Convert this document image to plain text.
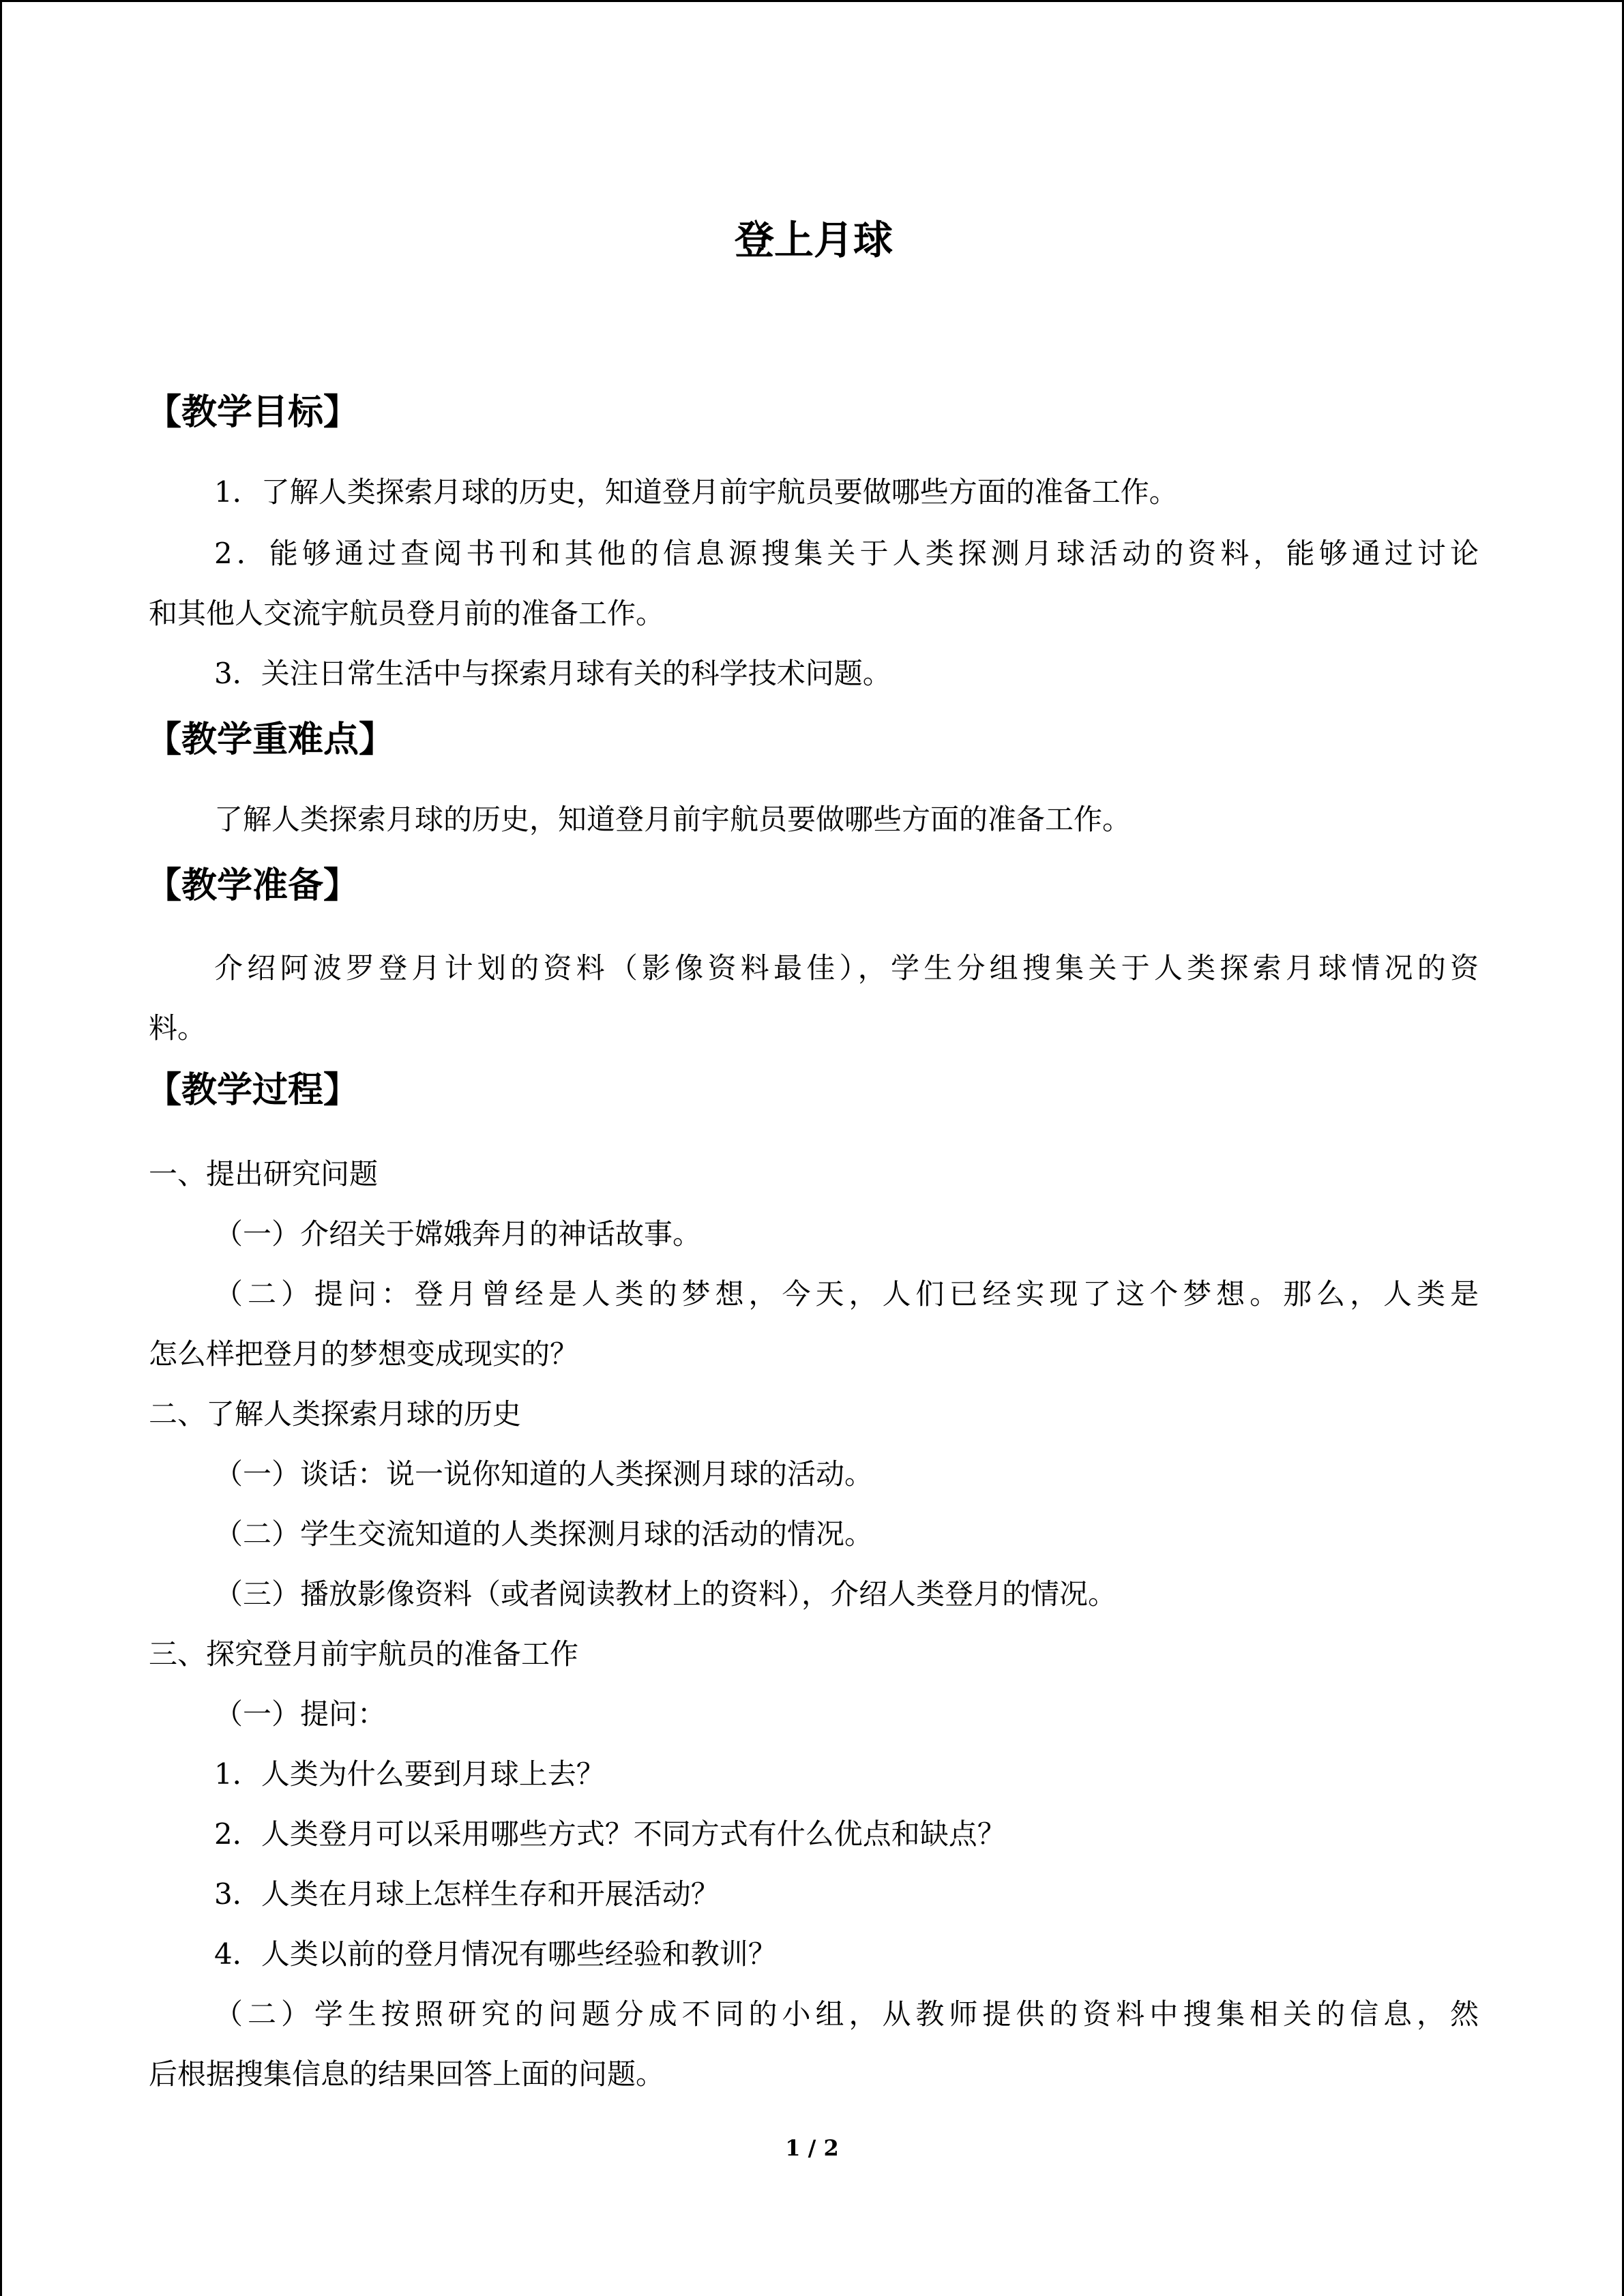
登上月球
【教学目标】
1．了解人类探索月球的历史，知道登月前宇航员要做哪些方面的准备工作。
2．能够通过查阅书刊和其他的信息源搜集关于人类探测月球活动的资料，能够通过讨论
和其他人交流宇航员登月前的准备工作。
3．关注日常生活中与探索月球有关的科学技术问题。
【教学重难点】
了解人类探索月球的历史，知道登月前宇航员要做哪些方面的准备工作。
【教学准备】
介绍阿波罗登月计划的资料（影像资料最佳），学生分组搜集关于人类探索月球情况的资
料。
【教学过程】
一、提出研究问题
（一）介绍关于嫦娥奔月的神话故事。
（二）提问：登月曾经是人类的梦想，今天，人们已经实现了这个梦想。那么，人类是
怎么样把登月的梦想变成现实的？
二、了解人类探索月球的历史
（一）谈话：说一说你知道的人类探测月球的活动。
（二）学生交流知道的人类探测月球的活动的情况。
（三）播放影像资料（或者阅读教材上的资料），介绍人类登月的情况。
三、探究登月前宇航员的准备工作
（一）提问：
1．人类为什么要到月球上去？
2．人类登月可以采用哪些方式？不同方式有什么优点和缺点？
3．人类在月球上怎样生存和开展活动？
4．人类以前的登月情况有哪些经验和教训？
（二）学生按照研究的问题分成不同的小组，从教师提供的资料中搜集相关的信息，然
后根据搜集信息的结果回答上面的问题。
1 / 2
